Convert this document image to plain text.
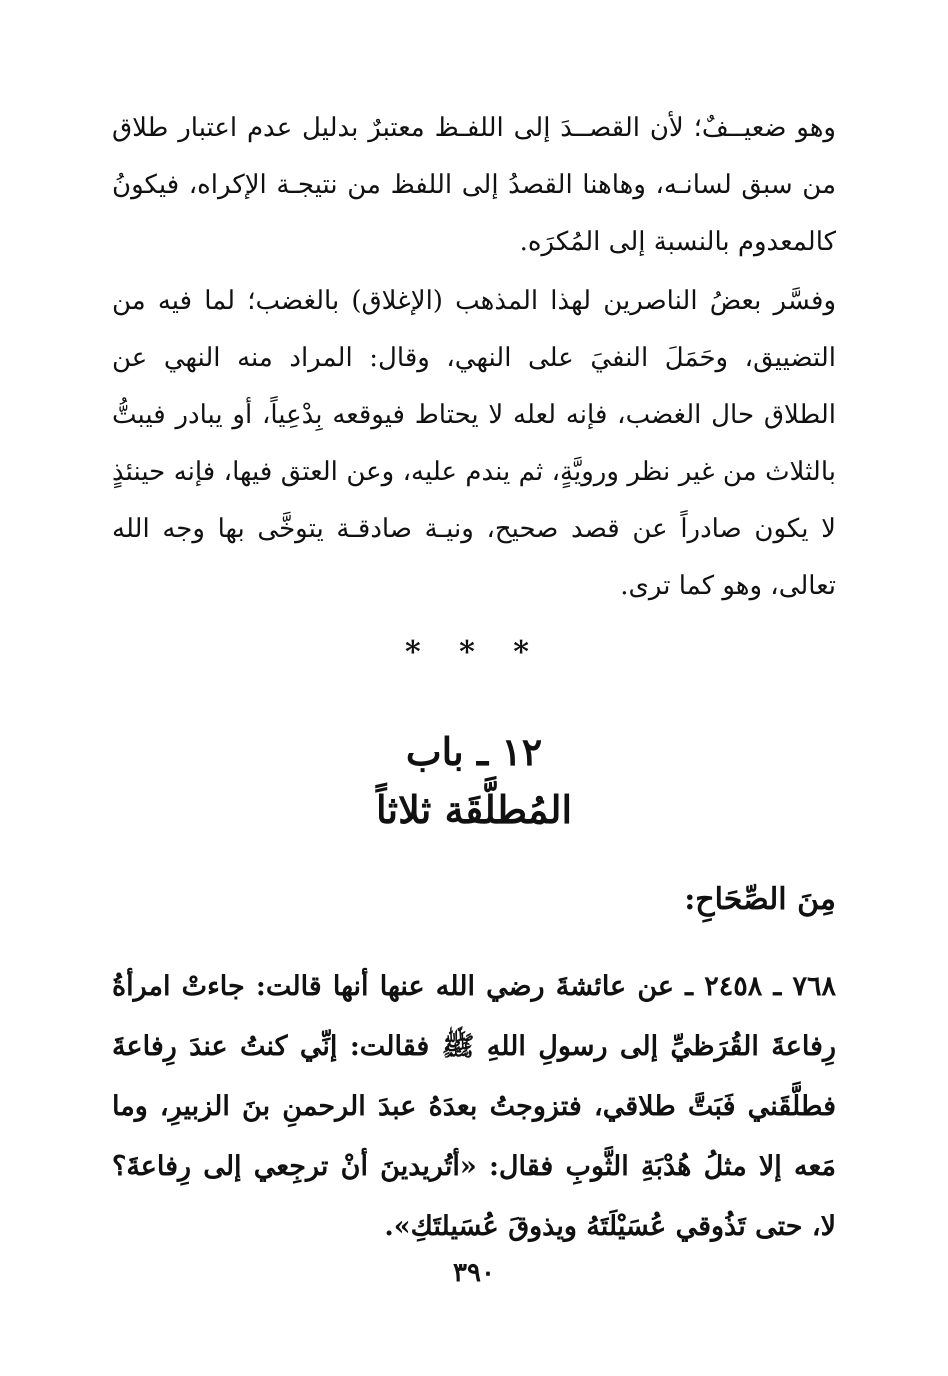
وهو ضعيــفٌ؛ لأن القصــدَ إلى اللفـظ معتبرٌ بدليل عدم اعتبار طلاق من سبق لسانـه، وهاهنا القصدُ إلى اللفظ من نتيجـة الإكراه، فيكونُ كالمعدوم بالنسبة إلى المُكرَه.

وفسَّر بعضُ الناصرين لهذا المذهب (الإغلاق) بالغضب؛ لما فيه من التضييق، وحَمَلَ النفيَ على النهي، وقال: المراد منه النهي عن الطلاق حال الغضب، فإنه لعله لا يحتاط فيوقعه بِدْعِياً، أو يبادر فيبتُّ بالثلاث من غير نظر ورويَّةٍ، ثم يندم عليه، وعن العتق فيها، فإنه حينئذٍ لا يكون صادراً عن قصد صحيح، ونيـة صادقـة يتوخَّى بها وجه الله تعالى، وهو كما ترى.

* * *
١٢ ـ باب
المُطلَّقَة ثلاثاً
مِنَ الصِّحَاحِ:

٧٦٨ ـ ٢٤٥٨ ـ عن عائشةَ رضي الله عنها أنها قالت: جاءتْ امرأةُ رِفاعةَ القُرَظيِّ إلى رسولِ اللهِ ﷺ فقالت: إنِّي كنتُ عندَ رِفاعةَ فطلَّقَني فَبَتَّ طلاقي، فتزوجتُ بعدَهُ عبدَ الرحمنِ بنَ الزبيرِ، وما مَعه إلا مثلُ هُدْبَةِ الثَّوبِ فقال: «أتُريدينَ أنْ ترجِعي إلى رِفاعةَ؟ لا، حتى تَذُوقي عُسَيْلَتَهُ ويذوقَ عُسَيلتَكِ».

٣٩٠
